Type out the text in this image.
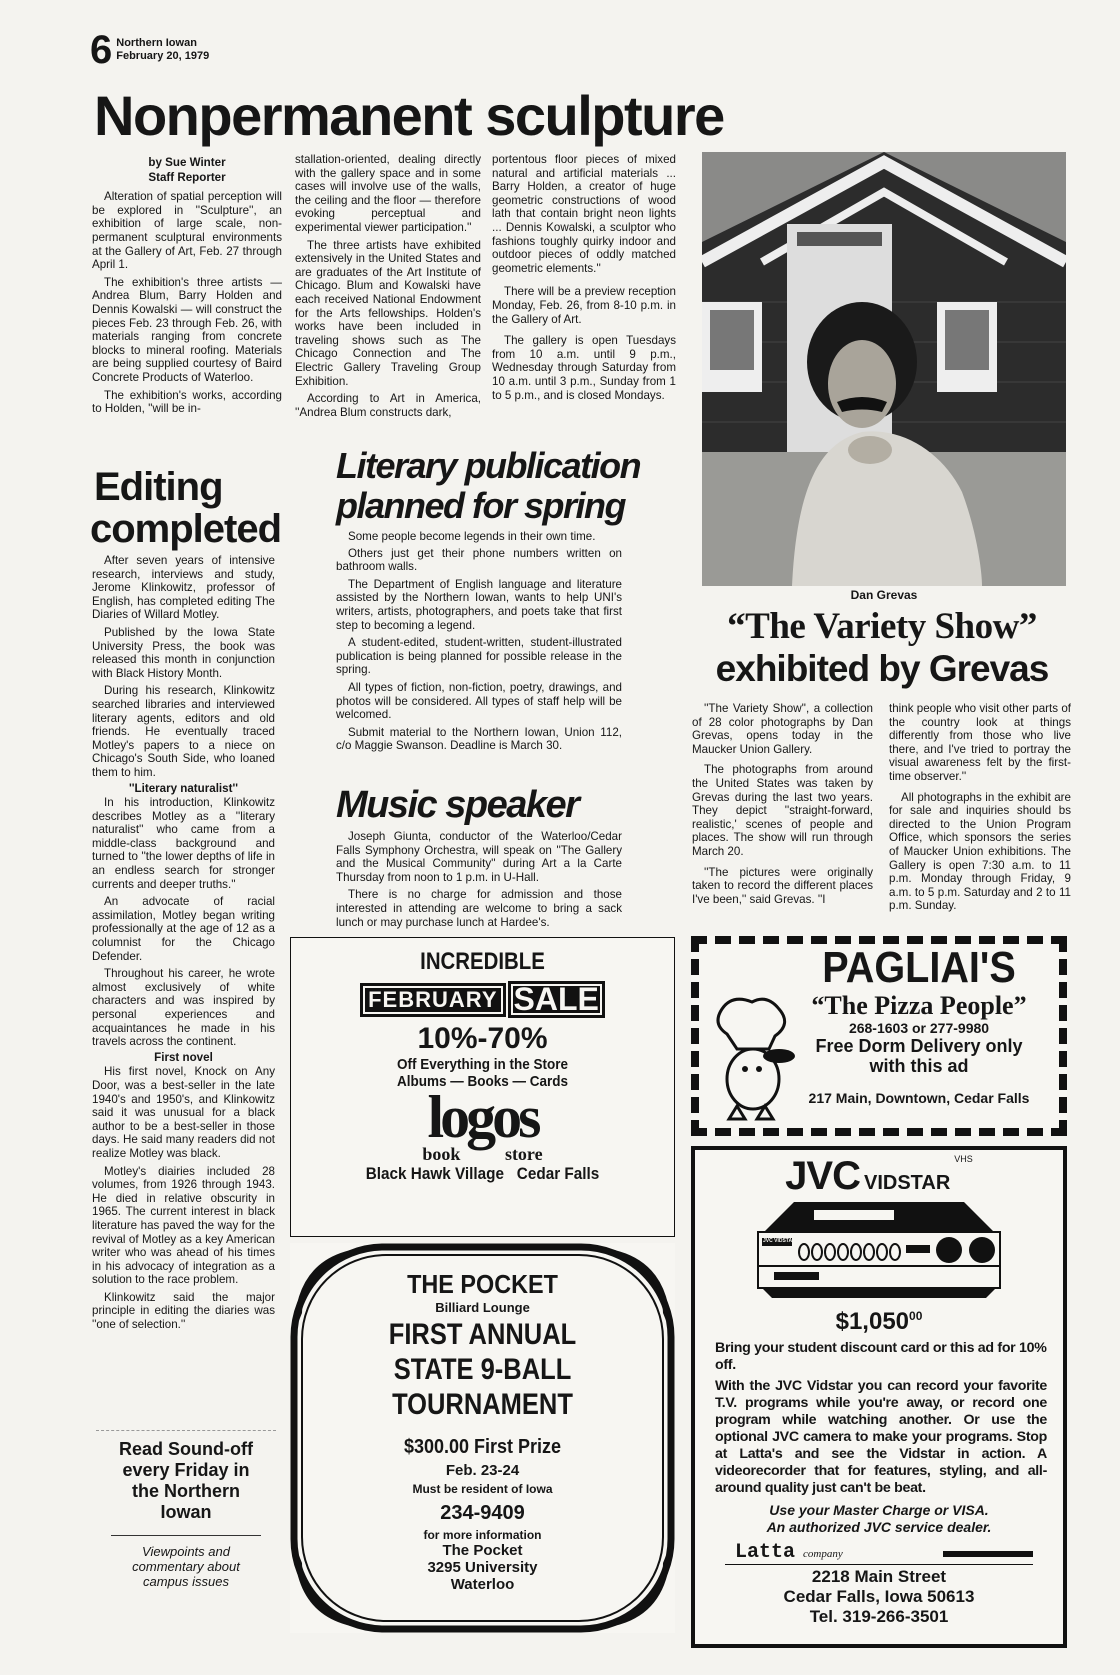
6 Northern Iowan
February 20, 1979
Nonpermanent sculpture

by Sue Winter

Staff Reporter

Alteration of spatial perception will be explored in ''Sculpture'', an exhibition of large scale, non-permanent sculptural environments at the Gallery of Art, Feb. 27 through April 1.

The exhibition's three artists — Andrea Blum, Barry Holden and Dennis Kowalski — will construct the pieces Feb. 23 through Feb. 26, with materials ranging from concrete blocks to mineral roofing. Materials are being supplied courtesy of Baird Concrete Products of Waterloo.

The exhibition's works, according to Holden, ''will be in-

stallation-oriented, dealing directly with the gallery space and in some cases will involve use of the walls, the ceiling and the floor — therefore evoking perceptual and experimental viewer participation.''

The three artists have exhibited extensively in the United States and are graduates of the Art Institute of Chicago. Blum and Kowalski have each received National Endowment for the Arts fellowships. Holden's works have been included in traveling shows such as The Chicago Connection and The Electric Gallery Traveling Group Exhibition.

According to Art in America, ''Andrea Blum constructs dark,

portentous floor pieces of mixed natural and artificial materials ... Barry Holden, a creator of huge geometric constructions of wood lath that contain bright neon lights ... Dennis Kowalski, a sculptor who fashions toughly quirky indoor and outdoor pieces of oddly matched geometric elements.''

There will be a preview reception Monday, Feb. 26, from 8-10 p.m. in the Gallery of Art.

The gallery is open Tuesdays from 10 a.m. until 9 p.m., Wednesday through Saturday from 10 a.m. until 3 p.m., Sunday from 1 to 5 p.m., and is closed Mondays.

Dan Grevas
“The Variety Show”
exhibited by Grevas

''The Variety Show'', a collection of 28 color photographs by Dan Grevas, opens today in the Maucker Union Gallery.

The photographs from around the United States was taken by Grevas during the last two years. They depict ''straight-forward, realistic,' scenes of people and places. The show will run through March 20.

''The pictures were originally taken to record the different places I've been,'' said Grevas. ''I

think people who visit other parts of the country look at things differently from those who live there, and I've tried to portray the visual awareness felt by the first-time observer.''

All photographs in the exhibit are for sale and inquiries should bs directed to the Union Program Office, which sponsors the series of Maucker Union exhibitions. The Gallery is open 7:30 a.m. to 11 p.m. Monday through Friday, 9 a.m. to 5 p.m. Saturday and 2 to 11 p.m. Sunday.

Editing
completed

After seven years of intensive research, interviews and study, Jerome Klinkowitz, professor of English, has completed editing The Diaries of Willard Motley.

Published by the Iowa State University Press, the book was released this month in conjunction with Black History Month.

During his research, Klinkowitz searched libraries and interviewed literary agents, editors and old friends. He eventually traced Motley's papers to a niece on Chicago's South Side, who loaned them to him.

''Literary naturalist''

In his introduction, Klinkowitz describes Motley as a ''literary naturalist'' who came from a middle-class background and turned to ''the lower depths of life in an endless search for stronger currents and deeper truths.''

An advocate of racial assimilation, Motley began writing professionally at the age of 12 as a columnist for the Chicago Defender.

Throughout his career, he wrote almost exclusively of white characters and was inspired by personal experiences and acquaintances he made in his travels across the continent.

First novel

His first novel, Knock on Any Door, was a best-seller in the late 1940's and 1950's, and Klinkowitz said it was unusual for a black author to be a best-seller in those days. He said many readers did not realize Motley was black.

Motley's diairies included 28 volumes, from 1926 through 1943. He died in relative obscurity in 1965. The current interest in black literature has paved the way for the revival of Motley as a key American writer who was ahead of his times in his advocacy of integration as a solution to the race problem.

Klinkowitz said the major principle in editing the diaries was ''one of selection.''

Read Sound-off every Friday in the Northern Iowan
Viewpoints and commentary about campus issues
Literary publication
planned for spring

Some people become legends in their own time.

Others just get their phone numbers written on bathroom walls.

The Department of English language and literature assisted by the Northern Iowan, wants to help UNI's writers, artists, photographers, and poets take that first step to becoming a legend.

A student-edited, student-written, student-illustrated publication is being planned for possible release in the spring.

All types of fiction, non-fiction, poetry, drawings, and photos will be considered. All types of staff help will be welcomed.

Submit material to the Northern Iowan, Union 112, c/o Maggie Swanson. Deadline is March 30.

Music speaker

Joseph Giunta, conductor of the Waterloo/Cedar Falls Symphony Orchestra, will speak on ''The Gallery and the Musical Community'' during Art a la Carte Thursday from noon to 1 p.m. in U-Hall.

There is no charge for admission and those interested in attending are welcome to bring a sack lunch or may purchase lunch at Hardee's.

INCREDIBLE
FEBRUARY SALE
10%-70%
Off Everything in the Store
Albums — Books — Cards
logos
book store
Black Hawk Village   Cedar Falls
THE POCKET
Billiard Lounge
FIRST ANNUAL
STATE 9-BALL
TOURNAMENT
$300.00 First Prize
Feb. 23-24
Must be resident of Iowa
234-9409
for more information
The Pocket
3295 University
Waterloo
PAGLIAI'S
“The Pizza People”
268-1603 or 277-9980
Free Dorm Delivery only
with this ad
217 Main, Downtown, Cedar Falls
JVC VIDSTAR
VHS
JVC VIDSTAR
$1,050$^{00}$

Bring your student discount card or this ad for 10% off.

With the JVC Vidstar you can record your favorite T.V. programs while you're away, or record one program while watching another. Or use the optional JVC camera to make your programs. Stop at Latta's and see the Vidstar in action. A videorecorder that for features, styling, and all-around quality just can't be beat.

Use your Master Charge or VISA.
An authorized JVC service dealer.
Latta company
2218 Main Street
Cedar Falls, Iowa 50613
Tel. 319-266-3501
